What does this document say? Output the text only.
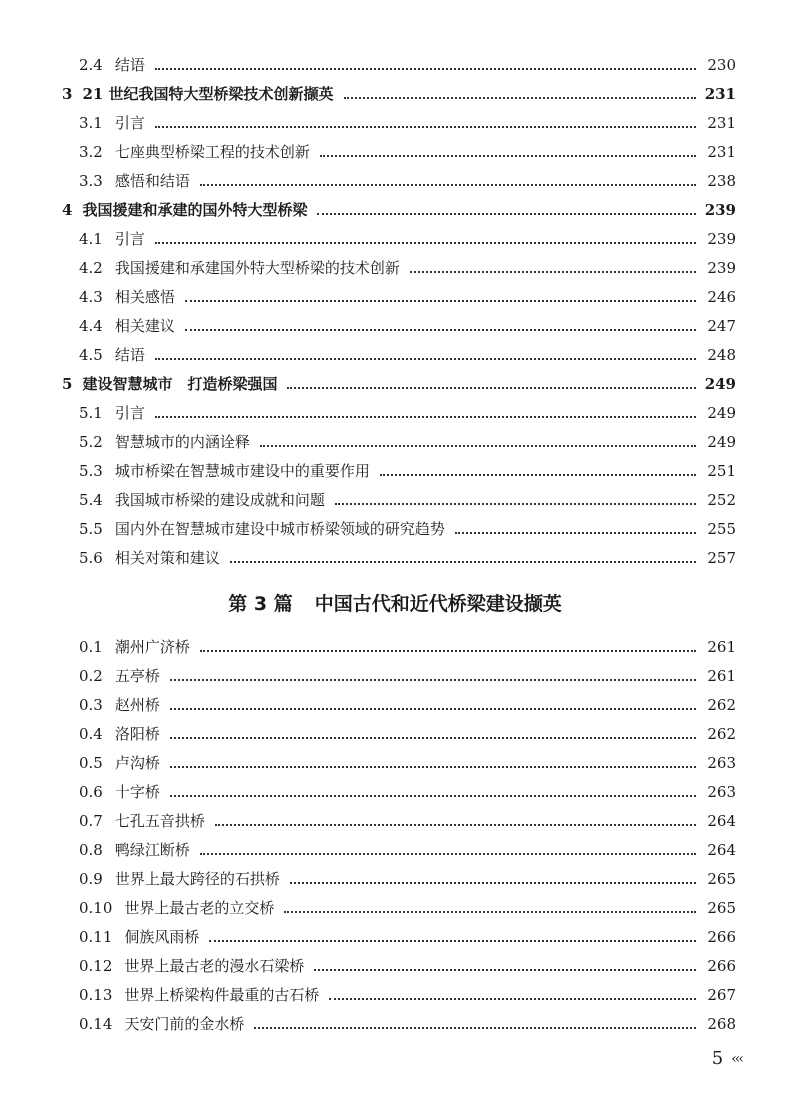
2.4 结语	230
3 21 世纪我国特大型桥梁技术创新撷英	231
3.1 引言	231
3.2 七座典型桥梁工程的技术创新	231
3.3 感悟和结语	238
4 我国援建和承建的国外特大型桥梁	239
4.1 引言	239
4.2 我国援建和承建国外特大型桥梁的技术创新	239
4.3 相关感悟	246
4.4 相关建议	247
4.5 结语	248
5 建设智慧城市　打造桥梁强国	249
5.1 引言	249
5.2 智慧城市的内涵诠释	249
5.3 城市桥梁在智慧城市建设中的重要作用	251
5.4 我国城市桥梁的建设成就和问题	252
5.5 国内外在智慧城市建设中城市桥梁领域的研究趋势	255
5.6 相关对策和建议	257
第 3 篇 中国古代和近代桥梁建设撷英
0.1 潮州广济桥	261
0.2 五亭桥	261
0.3 赵州桥	262
0.4 洛阳桥	262
0.5 卢沟桥	263
0.6 十字桥	263
0.7 七孔五音拱桥	264
0.8 鸭绿江断桥	264
0.9 世界上最大跨径的石拱桥	265
0.10 世界上最古老的立交桥	265
0.11 侗族风雨桥	266
0.12 世界上最古老的漫水石梁桥	266
0.13 世界上桥梁构件最重的古石桥	267
0.14 天安门前的金水桥	268
5 ‹‹‹
